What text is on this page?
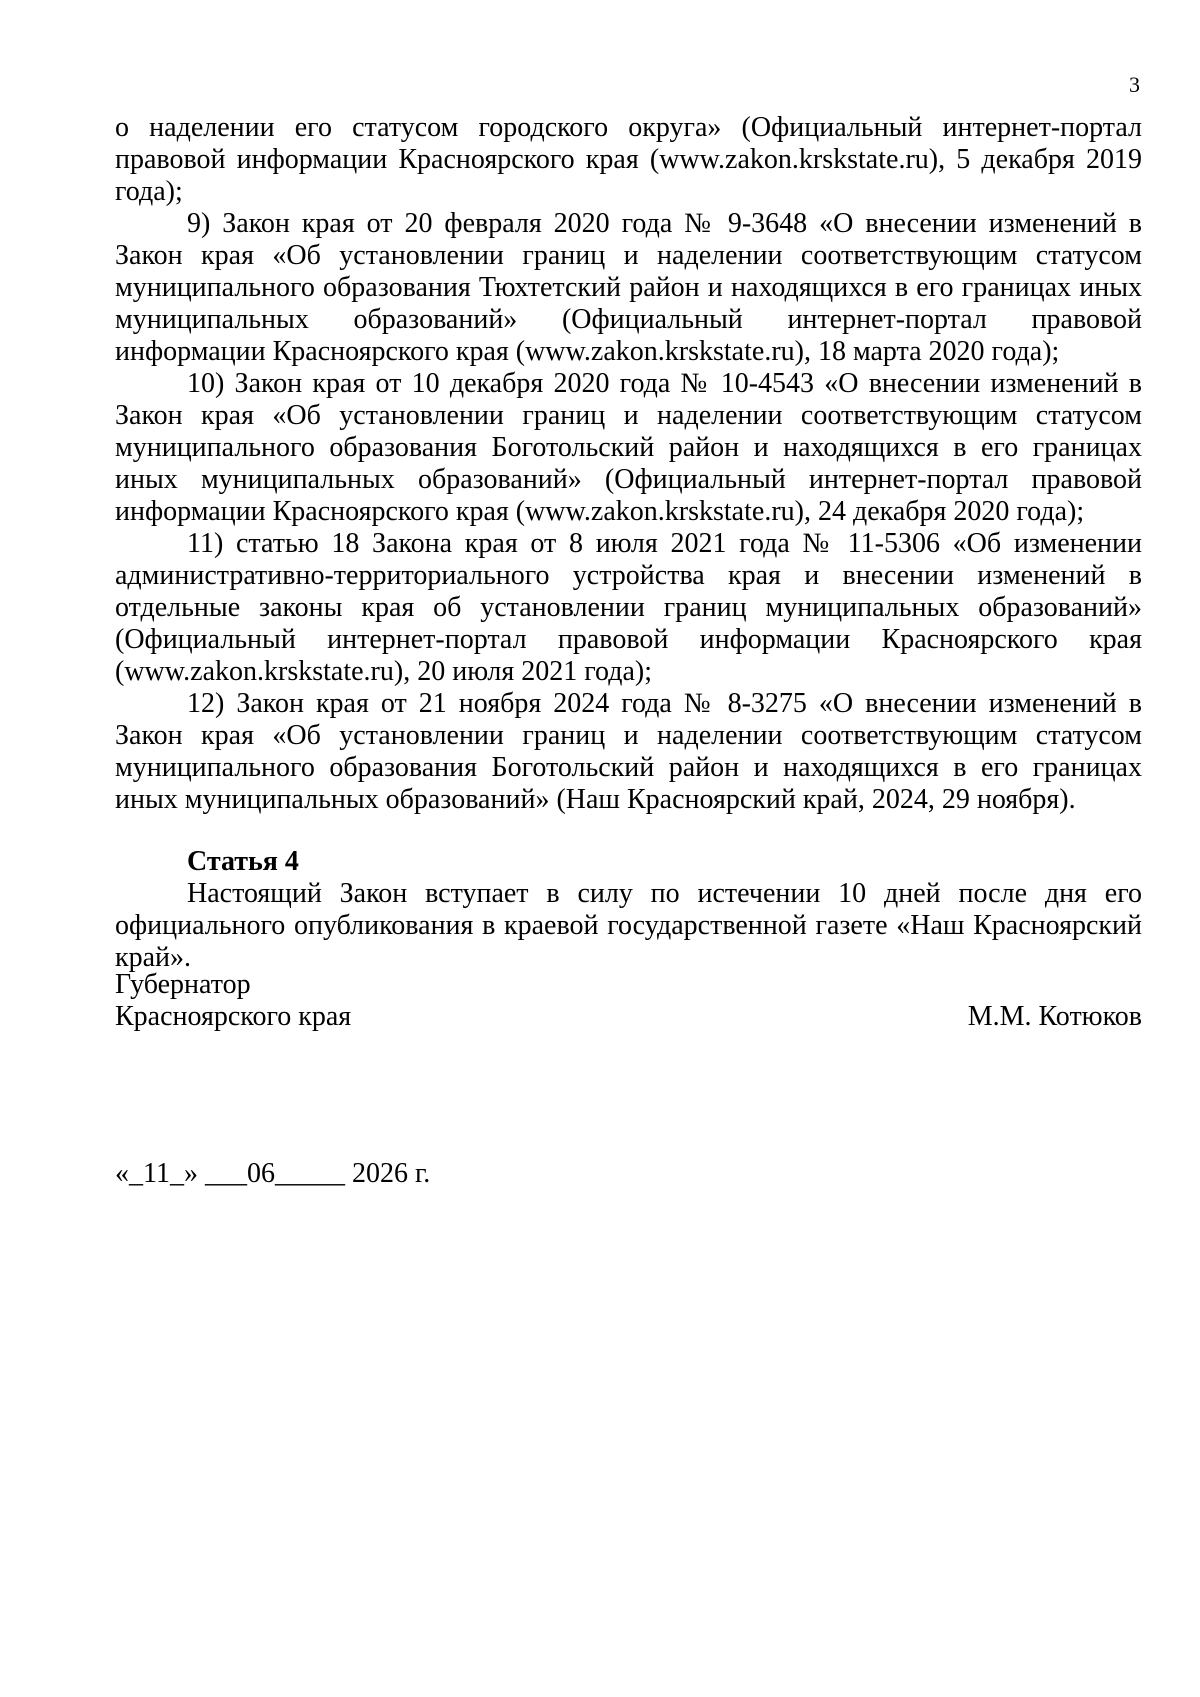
3

о наделении его статусом городского округа» (Официальный интернет-портал правовой информации Красноярского края (www.zakon.krskstate.ru), 5 декабря 2019 года);

9) Закон края от 20 февраля 2020 года № 9-3648 «О внесении изменений в Закон края «Об установлении границ и наделении соответствующим статусом муниципального образования Тюхтетский район и находящихся в его границах иных муниципальных образований» (Официальный интернет-портал правовой информации Красноярского края (www.zakon.krskstate.ru), 18 марта 2020 года);

10) Закон края от 10 декабря 2020 года № 10-4543 «О внесении изменений в Закон края «Об установлении границ и наделении соответствующим статусом муниципального образования Боготольский район и находящихся в его границах иных муниципальных образований» (Официальный интернет-портал правовой информации Красноярского края (www.zakon.krskstate.ru), 24 декабря 2020 года);

11) статью 18 Закона края от 8 июля 2021 года № 11-5306 «Об изменении административно-территориального устройства края и внесении изменений в отдельные законы края об установлении границ муниципальных образований» (Официальный интернет-портал правовой информации Красноярского края (www.zakon.krskstate.ru), 20 июля 2021 года);

12) Закон края от 21 ноября 2024 года № 8-3275 «О внесении изменений в Закон края «Об установлении границ и наделении соответствующим статусом муниципального образования Боготольский район и находящихся в его границах иных муниципальных образований» (Наш Красноярский край, 2024, 29 ноября).

Статья 4

Настоящий Закон вступает в силу по истечении 10 дней после дня его официального опубликования в краевой государственной газете «Наш Красноярский край».

Губернатор
Красноярского края	М.М. Котюков
«_11_» ___06_____ 2026 г.
